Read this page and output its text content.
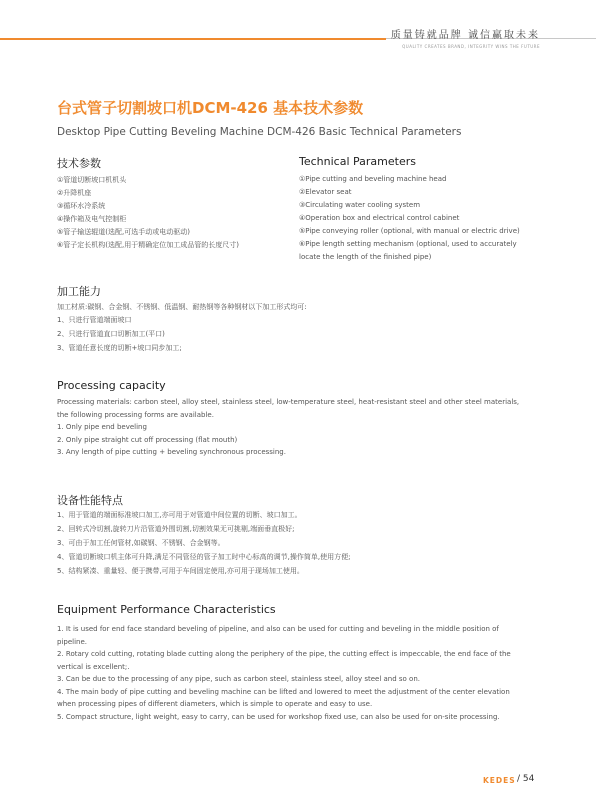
质量铸就品牌 诚信赢取未来
QUALITY CREATES BRAND, INTEGRITY WINS THE FUTURE
台式管子切割坡口机DCM-426 基本技术参数
Desktop Pipe Cutting Beveling Machine DCM-426 Basic Technical Parameters
技术参数
①管道切断坡口机机头
②升降机座
③循环水冷系统
④操作箱及电气控制柜
⑤管子输送辊道(选配,可选手动或电动驱动)
⑥管子定长机构(选配,用于精确定位加工成品管的长度尺寸)
Technical Parameters
①Pipe cutting and beveling machine head
②Elevator seat
③Circulating water cooling system
④Operation box and electrical control cabinet
⑤Pipe conveying roller (optional, with manual or electric drive)
⑥Pipe length setting mechanism (optional, used to accurately
locate the length of the finished pipe)
加工能力
加工材质:碳钢、合金钢、不锈钢、低温钢、耐热钢等各种钢材以下加工形式均可:
1、只进行管道端面坡口
2、只进行管道直口切断加工(平口)
3、管道任意长度的切断+坡口同步加工;
Processing capacity
Processing materials: carbon steel, alloy steel, stainless steel, low-temperature steel, heat-resistant steel and other steel materials,
the following processing forms are available.
1. Only pipe end beveling
2. Only pipe straight cut off processing (flat mouth)
3. Any length of pipe cutting + beveling synchronous processing.
设备性能特点
1、用于管道的端面标准坡口加工,亦可用于对管道中间位置的切断、坡口加工。
2、回转式冷切割,旋转刀片沿管道外围切割,切割效果无可挑剔,端面垂直极好;
3、可由于加工任何管材,如碳钢、不锈钢、合金钢等。
4、管道切断坡口机主体可升降,满足不同管径的管子加工时中心标高的调节,操作简单,使用方便;
5、结构紧凑、重量轻、便于携带,可用于车间固定使用,亦可用于现场加工使用。
Equipment Performance Characteristics
1. It is used for end face standard beveling of pipeline, and also can be used for cutting and beveling in the middle position of
pipeline.
2. Rotary cold cutting, rotating blade cutting along the periphery of the pipe, the cutting effect is impeccable, the end face of the
vertical is excellent;.
3. Can be due to the processing of any pipe, such as carbon steel, stainless steel, alloy steel and so on.
4. The main body of pipe cutting and beveling machine can be lifted and lowered to meet the adjustment of the center elevation
when processing pipes of different diameters, which is simple to operate and easy to use.
5. Compact structure, light weight, easy to carry, can be used for workshop fixed use, can also be used for on-site processing.
KEDES / 54
